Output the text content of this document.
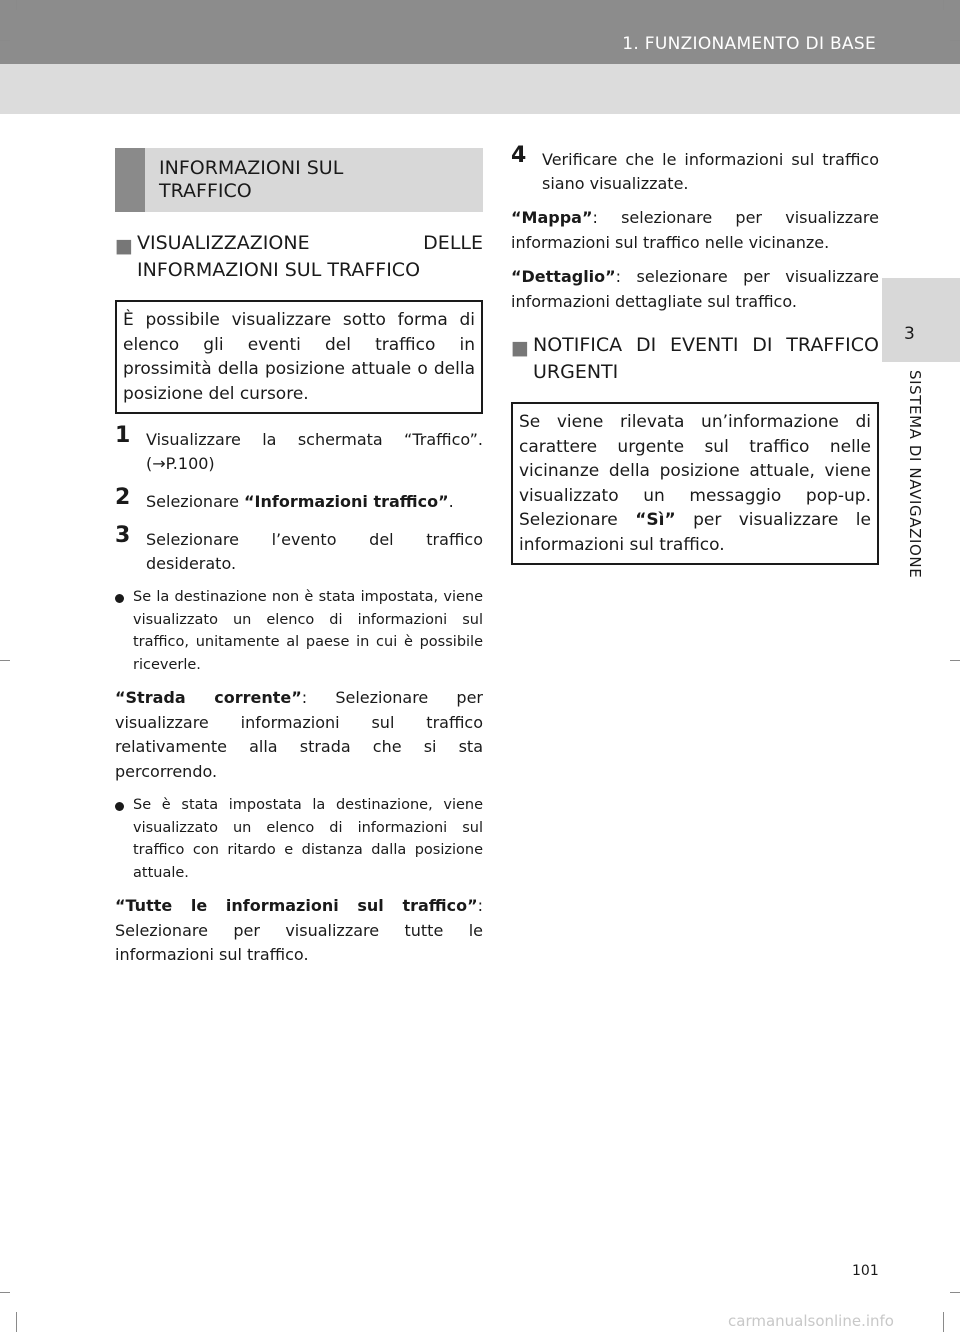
1. FUNZIONAMENTO DI BASE
3
SISTEMA DI NAVIGAZIONE
INFORMAZIONI SUL TRAFFICO
■ VISUALIZZAZIONE DELLE INFORMAZIONI SUL TRAFFICO
È possibile visualizzare sotto forma di elenco gli eventi del traffico in prossimità della posizione attuale o della posizione del cursore.
1 Visualizzare la schermata “Traffico”. (→P.100)
2 Selezionare “Informazioni traffico”.
3 Selezionare l’evento del traffico desiderato.
Se la destinazione non è stata impostata, viene visualizzato un elenco di informazioni sul traffico, unitamente al paese in cui è possibile riceverle.
“Strada corrente”: Selezionare per visualizzare informazioni sul traffico relativamente alla strada che si sta percorrendo.
Se è stata impostata la destinazione, viene visualizzato un elenco di informazioni sul traffico con ritardo e distanza dalla posizione attuale.
“Tutte le informazioni sul traffico”: Selezionare per visualizzare tutte le informazioni sul traffico.
4 Verificare che le informazioni sul traffico siano visualizzate.
“Mappa”: selezionare per visualizzare informazioni sul traffico nelle vicinanze.
“Dettaglio”: selezionare per visualizzare informazioni dettagliate sul traffico.
■ NOTIFICA DI EVENTI DI TRAFFICO URGENTI
Se viene rilevata un’informazione di carattere urgente sul traffico nelle vicinanze della posizione attuale, viene visualizzato un messaggio pop-up. Selezionare “Sì” per visualizzare le informazioni sul traffico.
101
carmanualsonline.info
